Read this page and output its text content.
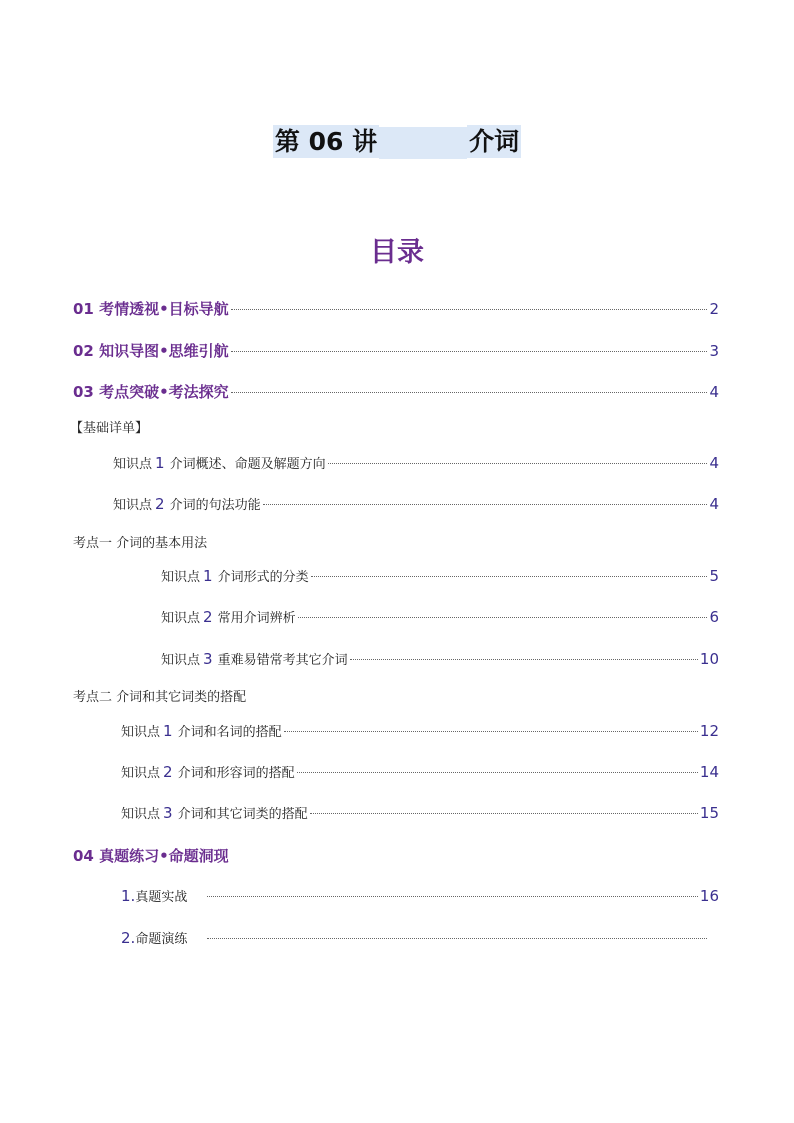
第 06 讲	介词
目录
01 考情透视•目标导航	2
02 知识导图•思维引航	3
03 考点突破•考法探究	4
【基础详单】
知识点 1 介词概述、命题及解题方向	4
知识点 2 介词的句法功能	4
考点一 介词的基本用法
知识点 1 介词形式的分类	5
知识点 2 常用介词辨析	6
知识点 3 重难易错常考其它介词	10
考点二 介词和其它词类的搭配
知识点 1 介词和名词的搭配	12
知识点 2 介词和形容词的搭配	14
知识点 3 介词和其它词类的搭配	15
04 真题练习•命题洞现
1.真题实战	16
2.命题演练
